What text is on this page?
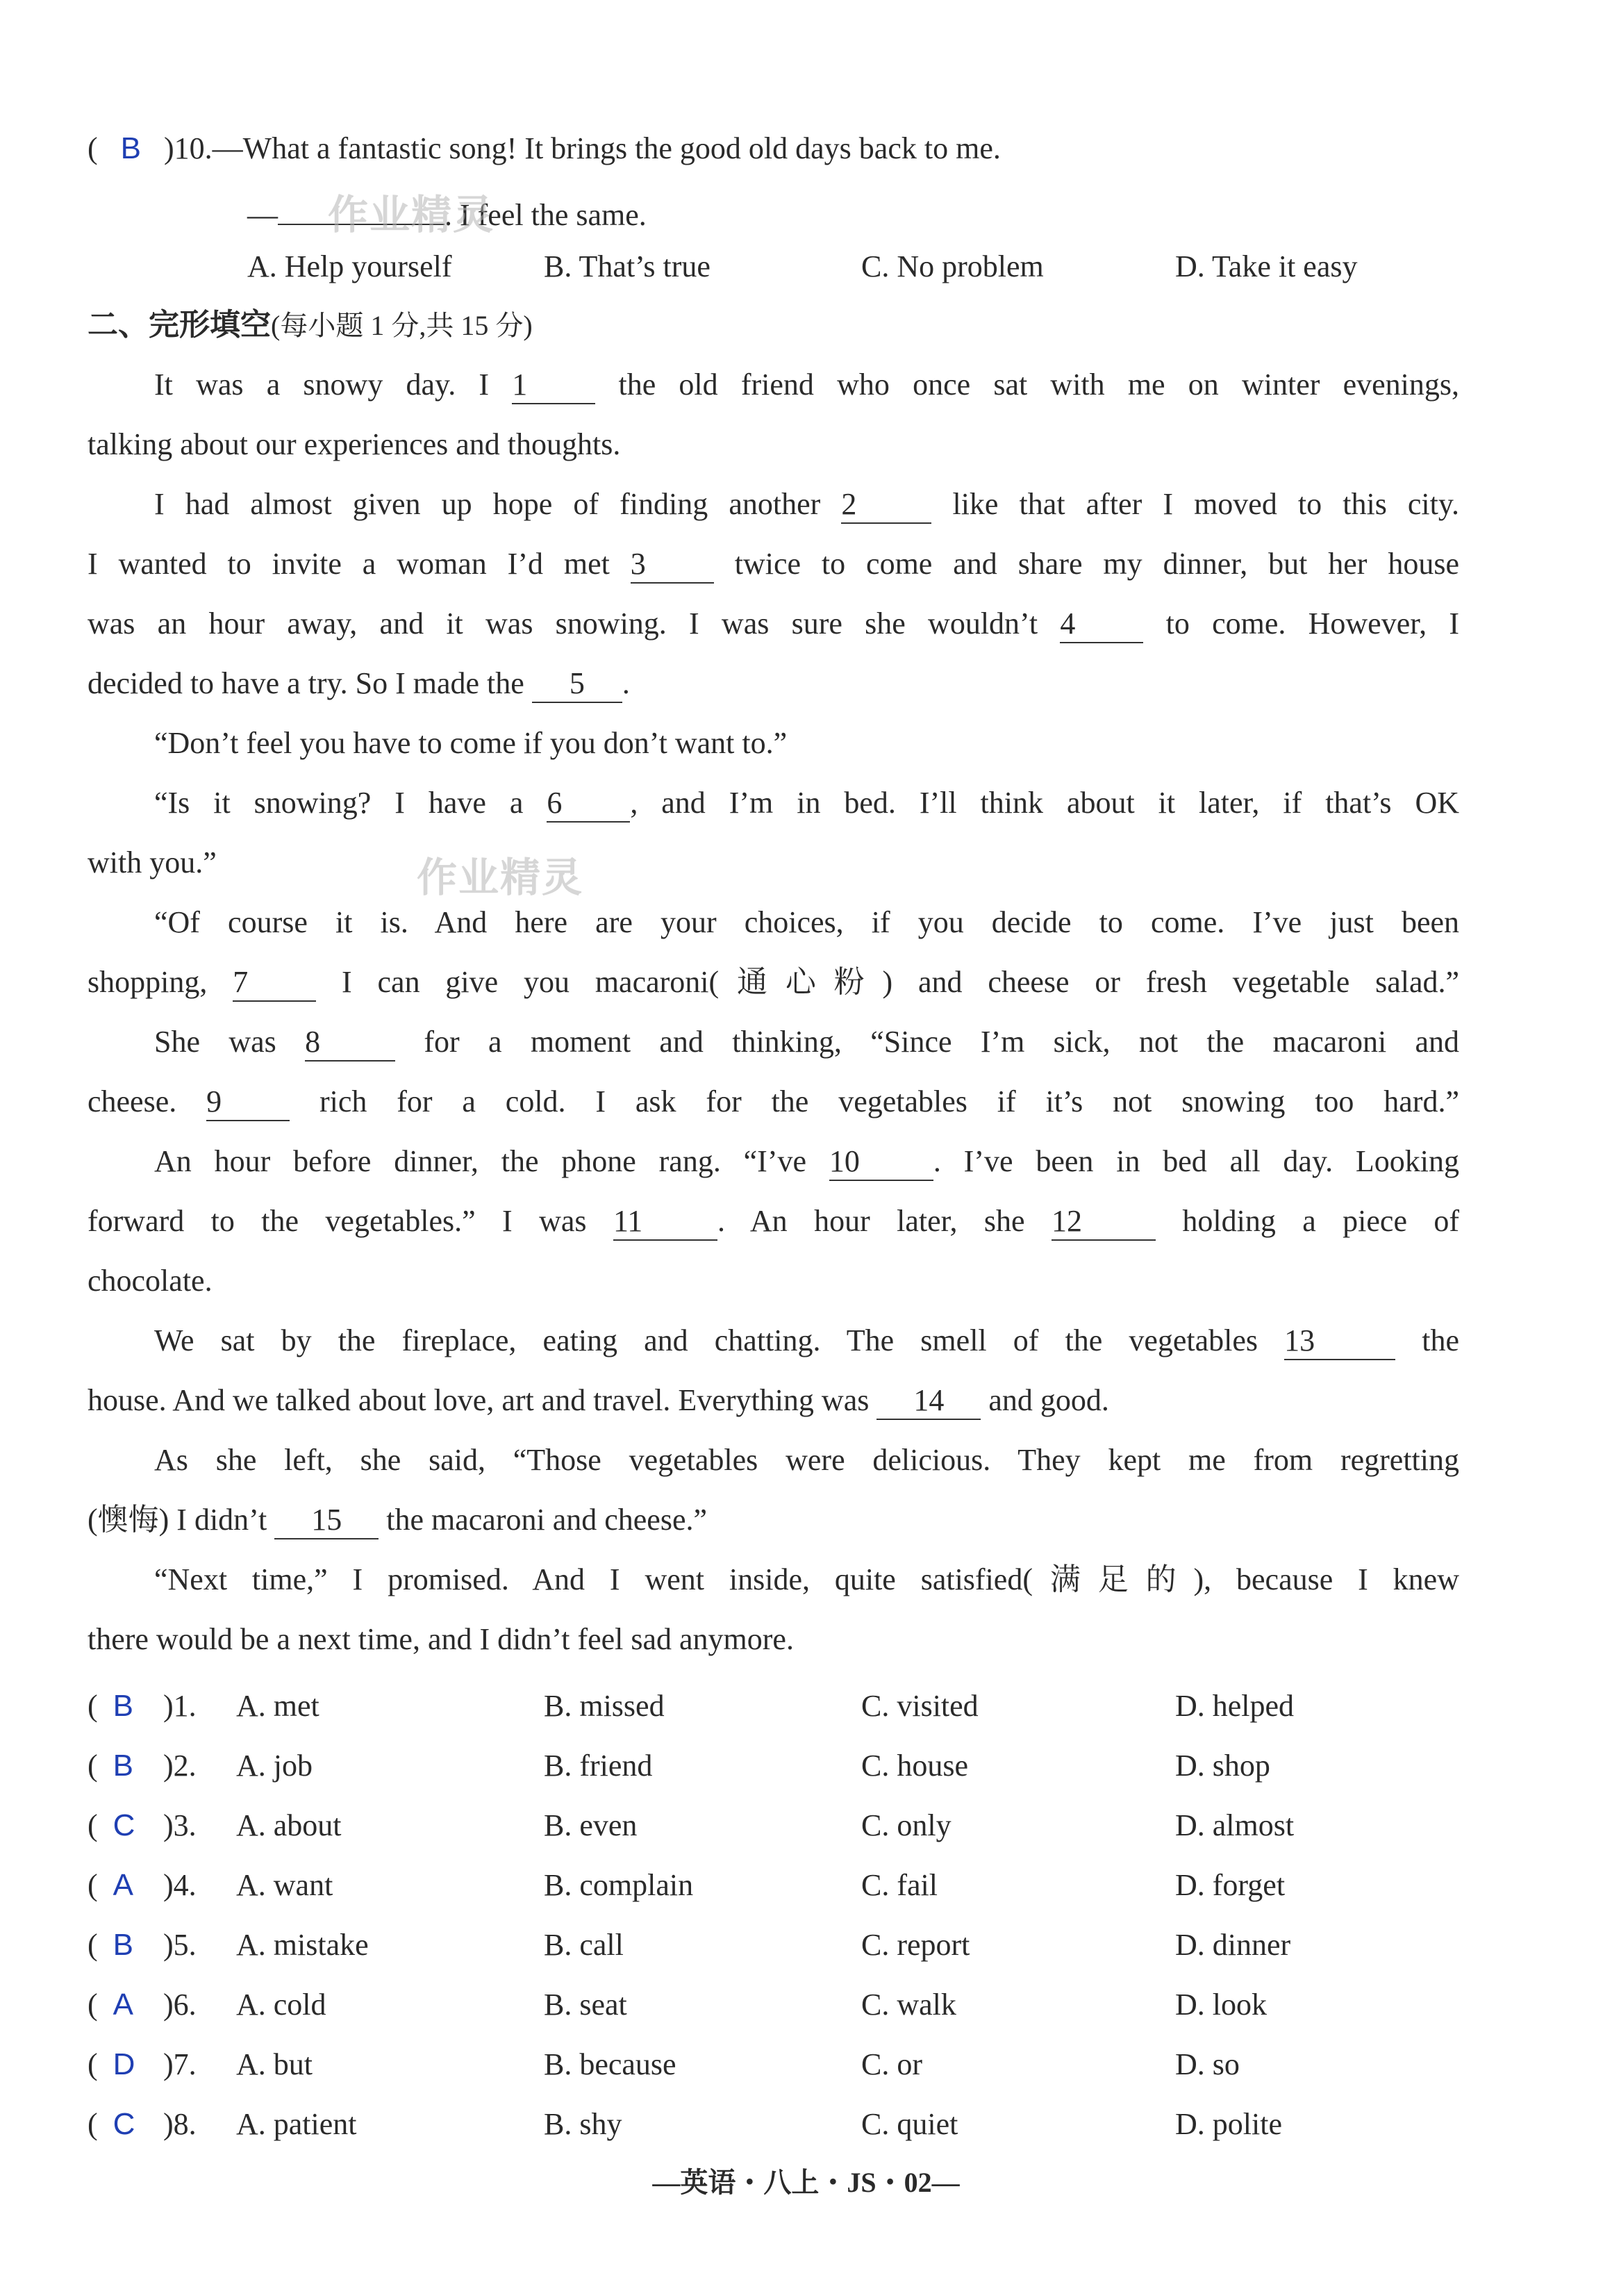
( B )10.—What a fantastic song! It brings the good old days back to me.
—	. I feel the same.
A. Help yourself	B. That’s true	C. No problem	D. Take it easy
二、完形填空(每小题 1 分,共 15 分)
It was a snowy day. I 1	the old friend who once sat with me on winter evenings,
talking about our experiences and thoughts.
I had almost given up hope of finding another 2	like that after I moved to this city.
I wanted to invite a woman I’d met 3	twice to come and share my dinner, but her house
was an hour away, and it was snowing. I was sure she wouldn’t 4	to come. However, I
decided to have a try. So I made the 5 .
“Don’t feel you have to come if you don’t want to.”
“Is it snowing? I have a 6 , and I’m in bed. I’ll think about it later, if that’s OK
with you.”
“Of course it is. And here are your choices, if you decide to come. I’ve just been
shopping, 7	I can give you macaroni(通心粉) and cheese or fresh vegetable salad.”
She was 8	for a moment and thinking, “Since I’m sick, not the macaroni and
cheese. 9	rich for a cold. I ask for the vegetables if it’s not snowing too hard.”
An hour before dinner, the phone rang. “I’ve 10 . I’ve been in bed all day. Looking
forward to the vegetables.” I was 11 . An hour later, she 12	holding a piece of
chocolate.
We sat by the fireplace, eating and chatting. The smell of the vegetables 13	the
house. And we talked about love, art and travel. Everything was 14 and good.
As she left, she said, “Those vegetables were delicious. They kept me from regretting
(懊悔) I didn’t 15 the macaroni and cheese.”
“Next time,” I promised. And I went inside, quite satisfied(满足的), because I knew
there would be a next time, and I didn’t feel sad anymore.
( B )1. A. met	B. missed	C. visited	D. helped
( B )2. A. job	B. friend	C. house	D. shop
( C )3. A. about	B. even	C. only	D. almost
( A )4. A. want	B. complain	C. fail	D. forget
( B )5. A. mistake	B. call	C. report	D. dinner
( A )6. A. cold	B. seat	C. walk	D. look
( D )7. A. but	B. because	C. or	D. so
( C )8. A. patient	B. shy	C. quiet	D. polite
作业精灵
作业精灵
—英语・八上・JS・02—
